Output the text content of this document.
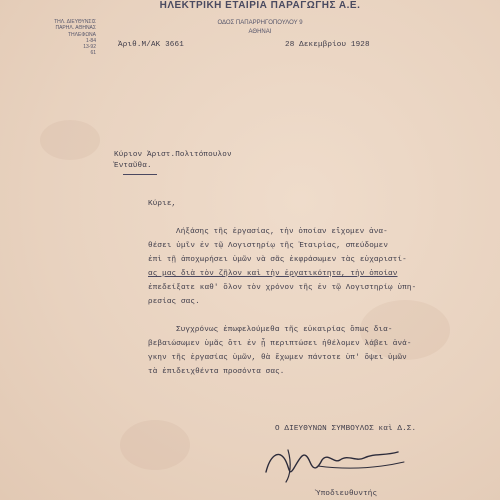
ΗΛΕΚΤΡΙΚΗ ΕΤΑΙΡΙΑ ΠΑΡΑΓΩΓΗΣ Α.Ε.
ΤΗΛ. ΔΙΕΥΘΥΝΣΙΣ
ΠΑΡΗΛ. ΑΘΗΝΑΣ
ΤΗΛΕΦΩΝΑ
1-84
13-92
61
ΟΔΟΣ ΠΑΠΑΡΡΗΓΟΠΟΥΛΟΥ 9
ΑΘΗΝΑΙ
Ἀριθ.Μ/ΑΚ 3661	28 Δεκεμβρίου 1928
Κύριον Ἀριστ.Πολιτόπουλον
Ἐνταῦθα.
Κύριε,
Λήξάσης τῆς ἐργασίας, τὴν ὁποίαν εἴχομεν ἀνα-
θέσει ὑμῖν ἐν τῷ Λογιστηρίῳ τῆς Ἑταιρίας, σπεύδομεν
ἐπὶ τῇ ἀποχωρήσει ὑμῶν νὰ σᾶς ἐκφράσωμεν τὰς εὐχαριστί-
ας μας διὰ τὸν ζῆλον καὶ τὴν ἐργατικότητα, τὴν ὁποίαν
ἐπεδείξατε καθ' ὅλον τὸν χρόνον τῆς ἐν τῷ Λογιστηρίῳ ὑπη-
ρεσίας σας.
Συγχρόνως ἐπωφελούμεθα τῆς εὐκαιρίας ὅπως δια-
βεβαιώσωμεν ὑμᾶς ὅτι ἐν ᾗ περιπτώσει ἠθέλομεν λάβει ἀνά-
γκην τῆς ἐργασίας ὑμῶν, θὰ ἔχωμεν πάντοτε ὑπ' ὄψει ὑμῶν
τὰ ἐπιδειχθέντα προσόντα σας.
Ο ΔΙΕΥΘΥΝΩΝ ΣΥΜΒΟΥΛΟΣ καὶ Δ.Σ.
Ὑποδιευθυντής
